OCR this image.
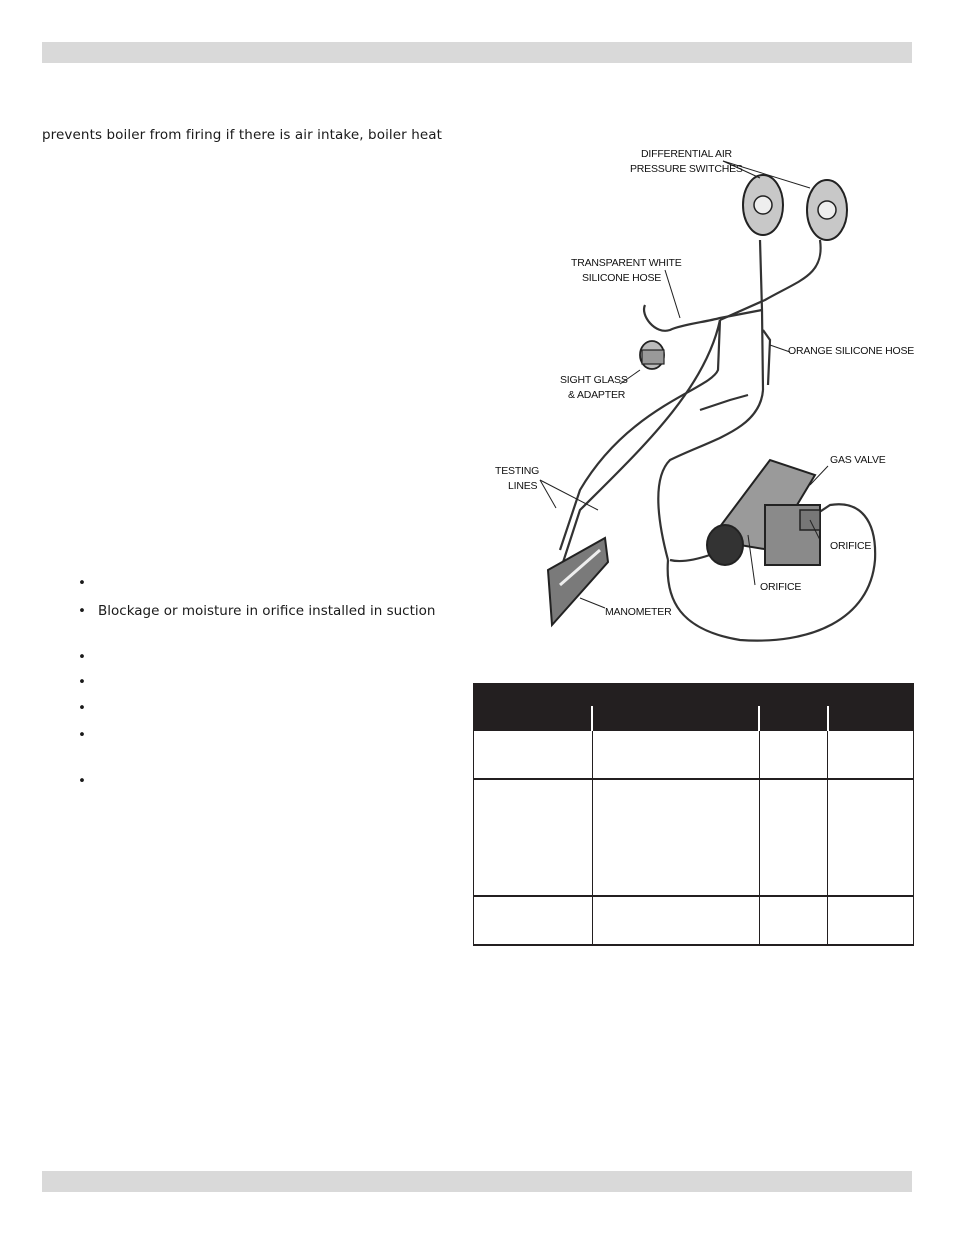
prevents boiler from firing if there is air intake, boiler heat
•
• Blockage or moisture in orifice installed in suction
•
•
•
•
•
DIFFERENTIAL AIR
PRESSURE SWITCHES
TRANSPARENT WHITE
SILICONE HOSE
ORANGE SILICONE HOSE
SIGHT GLASS
& ADAPTER
TESTING
LINES
GAS VALVE
ORIFICE
ORIFICE
MANOMETER
